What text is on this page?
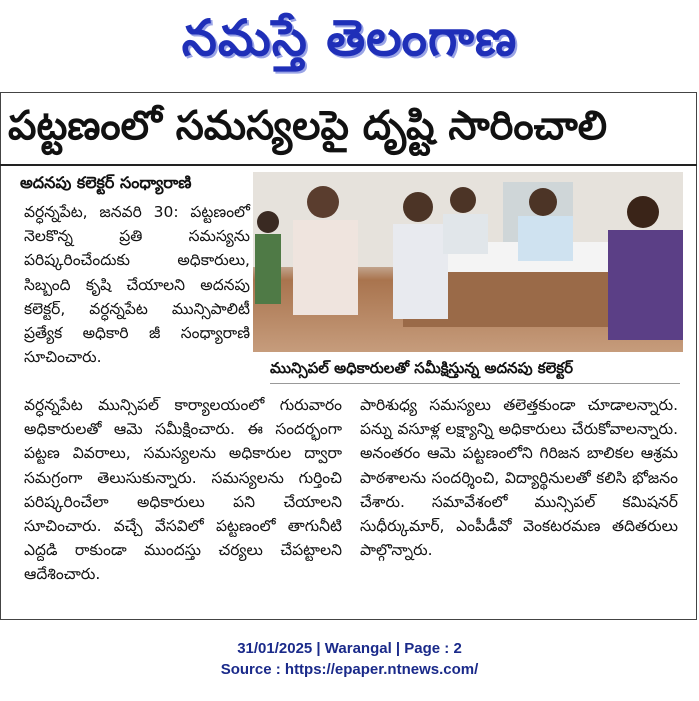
నమస్తే తెలంగాణ
పట్టణంలో సమస్యలపై దృష్టి సారించాలి
అదనపు కలెక్టర్ సంధ్యారాణి

వర్ధన్నపేట, జనవరి 30: పట్టణంలో నెలకొన్న ప్రతి సమస్యను పరిష్కరించేందుకు అధికారులు, సిబ్బంది కృషి చేయాలని అదనపు కలెక్టర్, వర్ధన్నపేట మున్సిపాలిటీ ప్రత్యేక అధికారి జీ సంధ్యారాణి సూచించారు.

మున్సిపల్ అధికారులతో సమీక్షిస్తున్న అదనపు కలెక్టర్

వర్ధన్నపేట మున్సిపల్ కార్యాలయంలో గురువారం అధికారులతో ఆమె సమీక్షించారు. ఈ సందర్భంగా పట్టణ వివరాలు, సమస్యలను అధికారుల ద్వారా సమగ్రంగా తెలుసుకున్నారు. సమస్యలను గుర్తించి పరిష్కరించేలా అధికారులు పని చేయాలని సూచించారు. వచ్చే వేసవిలో పట్టణంలో తాగునీటి ఎద్దడి రాకుండా ముందస్తు చర్యలు చేపట్టాలని ఆదేశించారు.

పారిశుధ్య సమస్యలు తలెత్తకుండా చూడాలన్నారు. పన్ను వసూళ్ల లక్ష్యాన్ని అధికారులు చేరుకోవాలన్నారు. అనంతరం ఆమె పట్టణంలోని గిరిజన బాలికల ఆశ్రమ పాఠశాలను సందర్శించి, విద్యార్థినులతో కలిసి భోజనం చేశారు. సమావేశంలో మున్సిపల్ కమిషనర్ సుధీర్కుమార్, ఎంపీడీవో వెంకటరమణ తదితరులు పాల్గొన్నారు.

31/01/2025 | Warangal | Page : 2
Source : https://epaper.ntnews.com/
